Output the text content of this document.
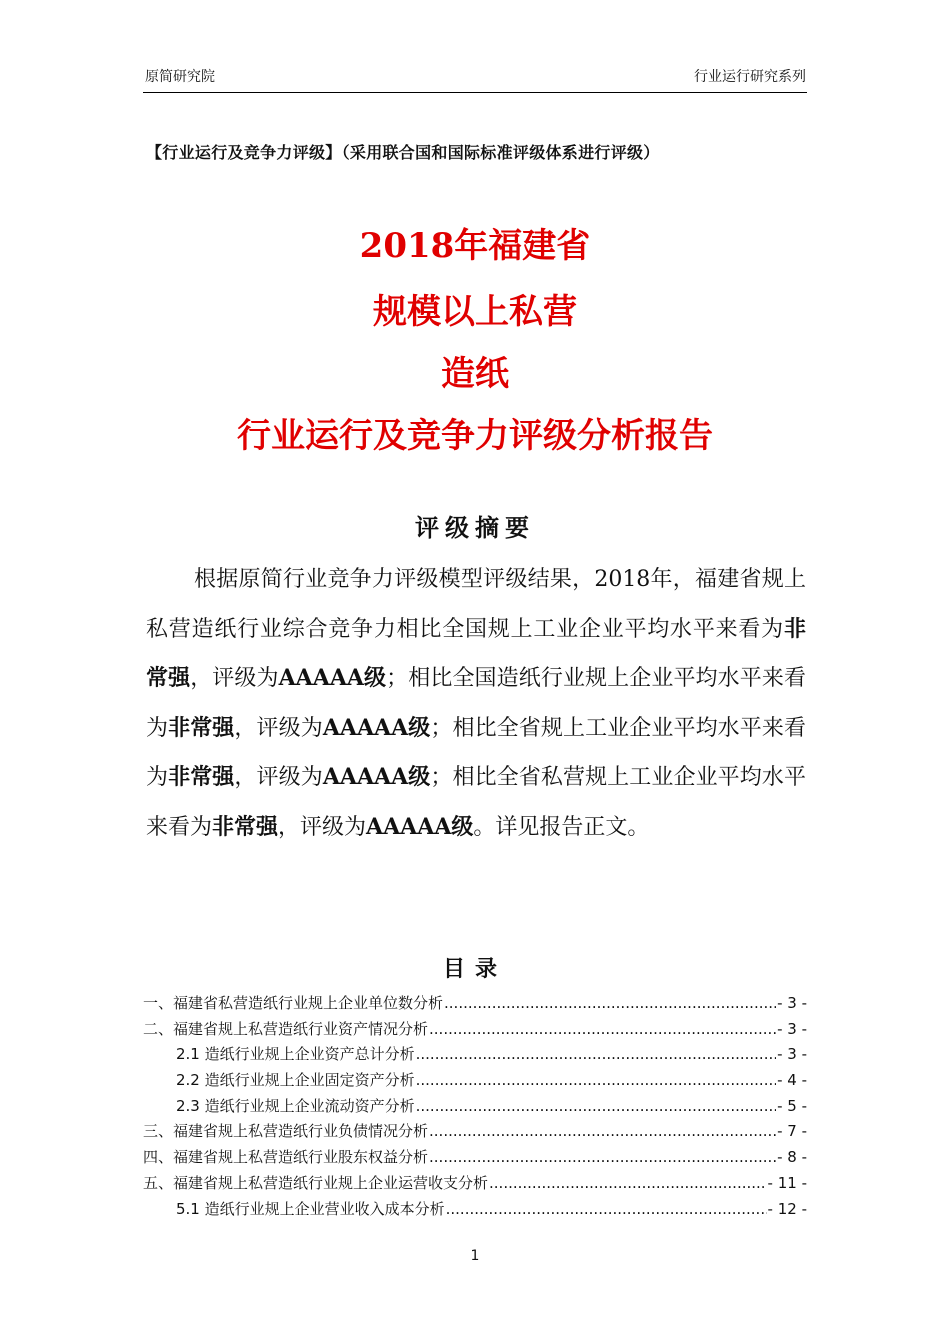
原简研究院	行业运行研究系列
【行业运行及竞争力评级】（采用联合国和国际标准评级体系进行评级）
2018年福建省
规模以上私营
造纸
行业运行及竞争力评级分析报告
评级摘要
根据原简行业竞争力评级模型评级结果，2018年，福建省规上私营造纸行业综合竞争力相比全国规上工业企业平均水平来看为非常强，评级为AAAAA级；相比全国造纸行业规上企业平均水平来看为非常强，评级为AAAAA级；相比全省规上工业企业平均水平来看为非常强，评级为AAAAA级；相比全省私营规上工业企业平均水平来看为非常强，评级为AAAAA级。详见报告正文。
目录
一、福建省私营造纸行业规上企业单位数分析 .....	- 3 -
二、福建省规上私营造纸行业资产情况分析 .....	- 3 -
2.1 造纸行业规上企业资产总计分析 .....	- 3 -
2.2 造纸行业规上企业固定资产分析 .....	- 4 -
2.3 造纸行业规上企业流动资产分析 .....	- 5 -
三、福建省规上私营造纸行业负债情况分析 .....	- 7 -
四、福建省规上私营造纸行业股东权益分析 .....	- 8 -
五、福建省规上私营造纸行业规上企业运营收支分析 .....	- 11 -
5.1 造纸行业规上企业营业收入成本分析 .....	- 12 -
1
